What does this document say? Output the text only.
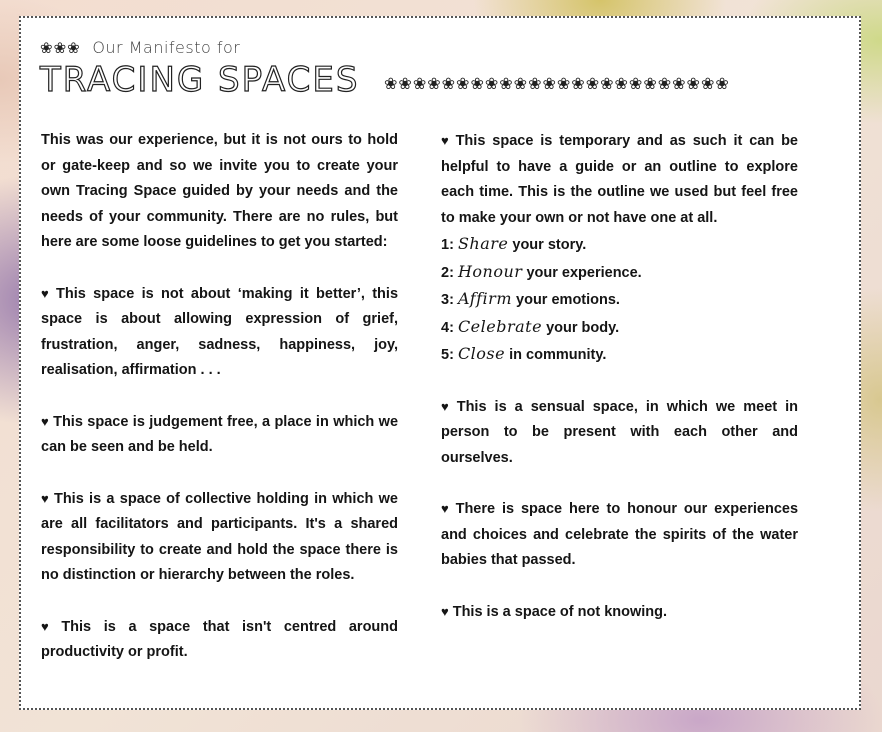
❀❀❀ Our Manifesto for
TRACING SPACES ❀❀❀❀❀❀❀❀❀❀❀❀❀❀❀❀❀❀❀❀❀❀❀❀

This was our experience, but it is not ours to hold or gate-keep and so we invite you to create your own Tracing Space guided by your needs and the needs of your community. There are no rules, but here are some loose guidelines to get you started:

♥ This space is not about ‘making it better’, this space is about allowing expression of grief, frustration, anger, sadness, happiness, joy, realisation, affirmation . . .

♥ This space is judgement free, a place in which we can be seen and be held.

♥ This is a space of collective holding in which we are all facilitators and participants. It's a shared responsibility to create and hold the space there is no distinction or hierarchy between the roles.

♥ This is a space that isn't centred around productivity or profit.

♥ This space is temporary and as such it can be helpful to have a guide or an outline to explore each time. This is the outline we used but feel free to make your own or not have one at all.

1: Share your story.
2: Honour your experience.
3: Affirm your emotions.
4: Celebrate your body.
5: Close in community.

♥ This is a sensual space, in which we meet in person to be present with each other and ourselves.

♥ There is space here to honour our experiences and choices and celebrate the spirits of the water babies that passed.

♥ This is a space of not knowing.
